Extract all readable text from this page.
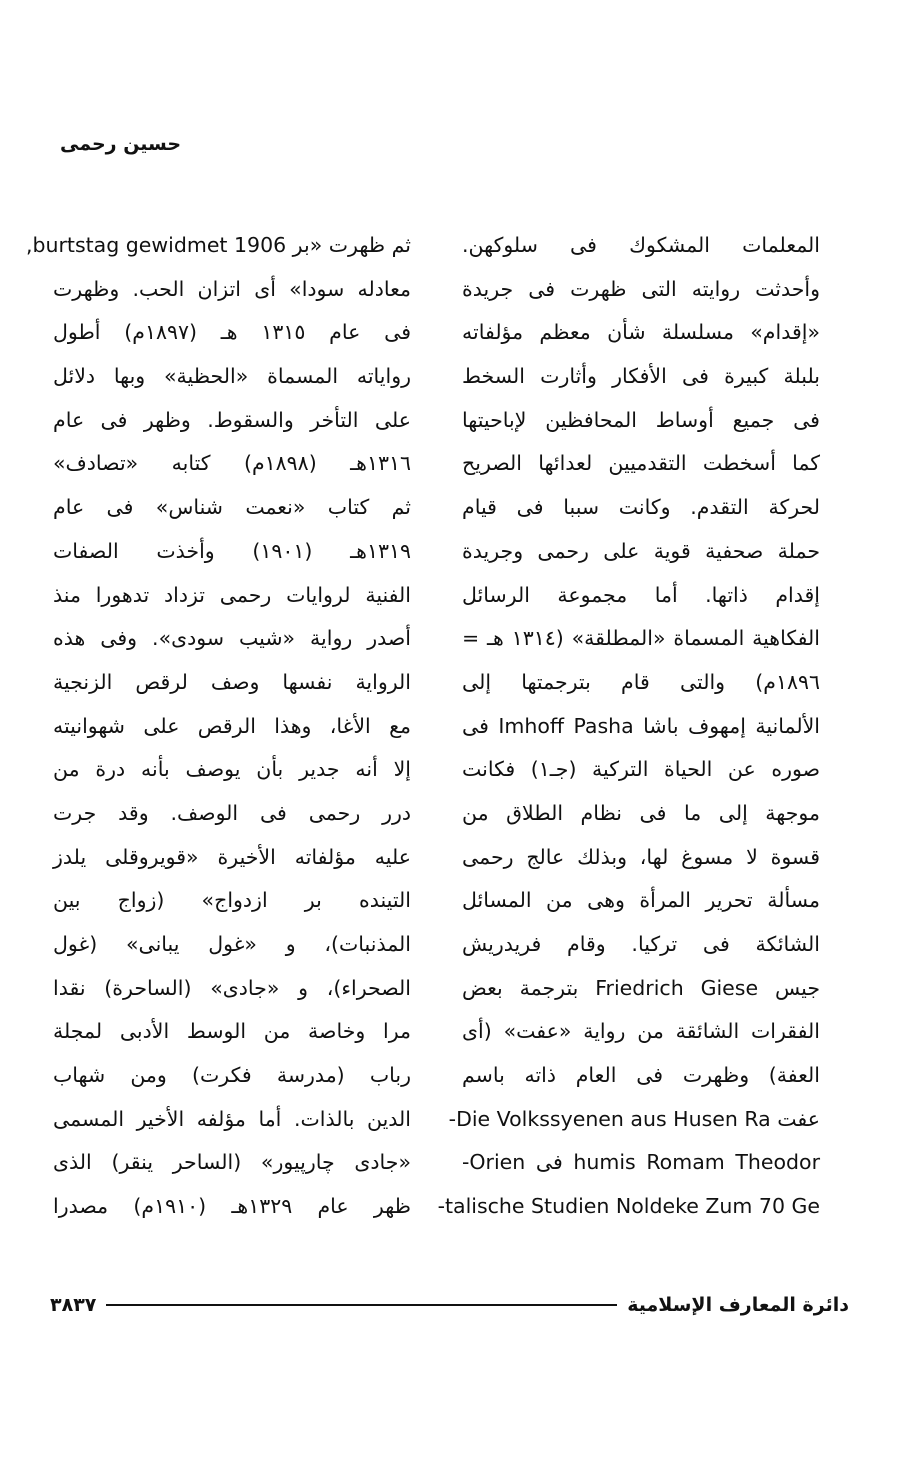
حسين رحمى
المعلمات المشكوك فى سلوكهن.
وأحدثت روايته التى ظهرت فى جريدة
«إقدام» مسلسلة شأن معظم مؤلفاته
بلبلة كبيرة فى الأفكار وأثارت السخط
فى جميع أوساط المحافظين لإباحيتها
كما أسخطت التقدميين لعدائها الصريح
لحركة التقدم. وكانت سببا فى قيام
حملة صحفية قوية على رحمى وجريدة
إقدام ذاتها. أما مجموعة الرسائل
الفكاهية المسماة «المطلقة» (١٣١٤ هـ =
١٨٩٦م) والتى قام بترجمتها إلى
الألمانية إمهوف باشا Imhoff Pasha فى
صوره عن الحياة التركية (جـ١) فكانت
موجهة إلى ما فى نظام الطلاق من
قسوة لا مسوغ لها، وبذلك عالج رحمى
مسألة تحرير المرأة وهى من المسائل
الشائكة فى تركيا. وقام فريدريش
جيس Friedrich Giese بترجمة بعض
الفقرات الشائقة من رواية «عفت» (أى
العفة) وظهرت فى العام ذاته باسم
عفت Die Volkssyenen aus Husen Ra-
humis Romam Theodor فى Orien-
talische Studien Noldeke Zum 70 Ge-
ثم ظهرت «بر burtstag gewidmet 1906,
معادله سودا» أى اتزان الحب. وظهرت
فى عام ١٣١٥ هـ (١٨٩٧م) أطول
رواياته المسماة «الحظية» وبها دلائل
على التأخر والسقوط. وظهر فى عام
١٣١٦هـ (١٨٩٨م) كتابه «تصادف»
ثم كتاب «نعمت شناس» فى عام
١٣١٩هـ (١٩٠١) وأخذت الصفات
الفنية لروايات رحمى تزداد تدهورا منذ
أصدر رواية «شيب سودى». وفى هذه
الرواية نفسها وصف لرقص الزنجية
مع الأغا، وهذا الرقص على شهوانيته
إلا أنه جدير بأن يوصف بأنه درة من
درر رحمى فى الوصف. وقد جرت
عليه مؤلفاته الأخيرة «قويروقلى يلدز
التينده بر ازدواج» (زواج بين
المذنبات)، و «غول يبانى» (غول
الصحراء)، و «جادى» (الساحرة) نقدا
مرا وخاصة من الوسط الأدبى لمجلة
رباب (مدرسة فكرت) ومن شهاب
الدين بالذات. أما مؤلفه الأخير المسمى
«جادى چارپيور» (الساحر ينقر) الذى
ظهر عام ١٣٢٩هـ (١٩١٠م) مصدرا
دائرة المعارف الإسلامية
٣٨٣٧
